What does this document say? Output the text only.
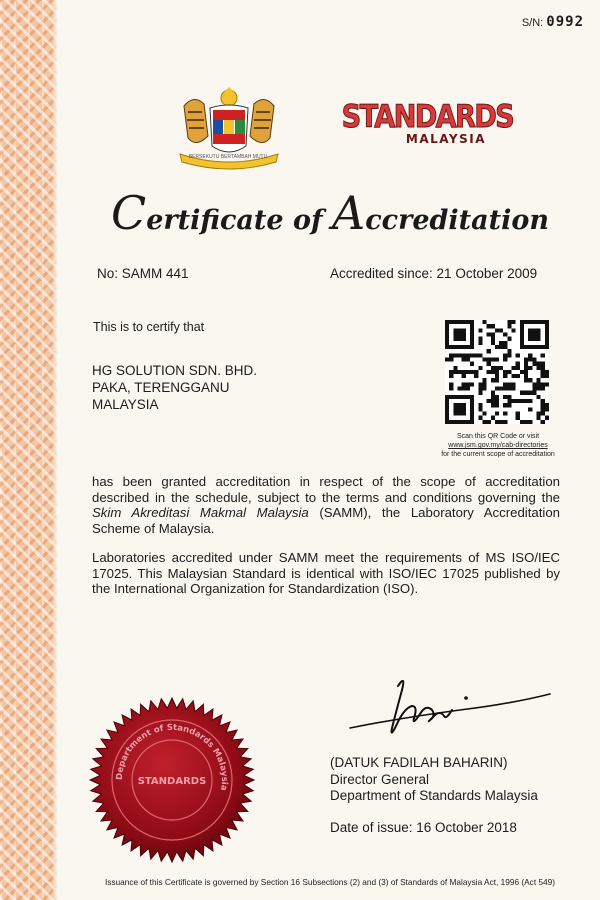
S/N: 0992
BERSEKUTU BERTAMBAH MUTU
STANDARDS
MALAYSIA
Certificate of Accreditation
No: SAMM 441	Accredited since: 21 October 2009
This is to certify that
HG SOLUTION SDN. BHD.
PAKA, TERENGGANU
MALAYSIA
Scan this QR Code or visit
www.jsm.gov.my/cab-directories
for the current scope of accreditation
has been granted accreditation in respect of the scope of accreditation described in the schedule, subject to the terms and conditions governing the Skim Akreditasi Makmal Malaysia (SAMM), the Laboratory Accreditation Scheme of Malaysia.
Laboratories accredited under SAMM meet the requirements of MS ISO/IEC 17025. This Malaysian Standard is identical with ISO/IEC 17025 published by the International Organization for Standardization (ISO).
Department of Standards Malaysia
STANDARDS
(DATUK FADILAH BAHARIN)
Director General
Department of Standards Malaysia
Date of issue: 16 October 2018
Issuance of this Certificate is governed by Section 16 Subsections (2) and (3) of Standards of Malaysia Act, 1996 (Act 549)
